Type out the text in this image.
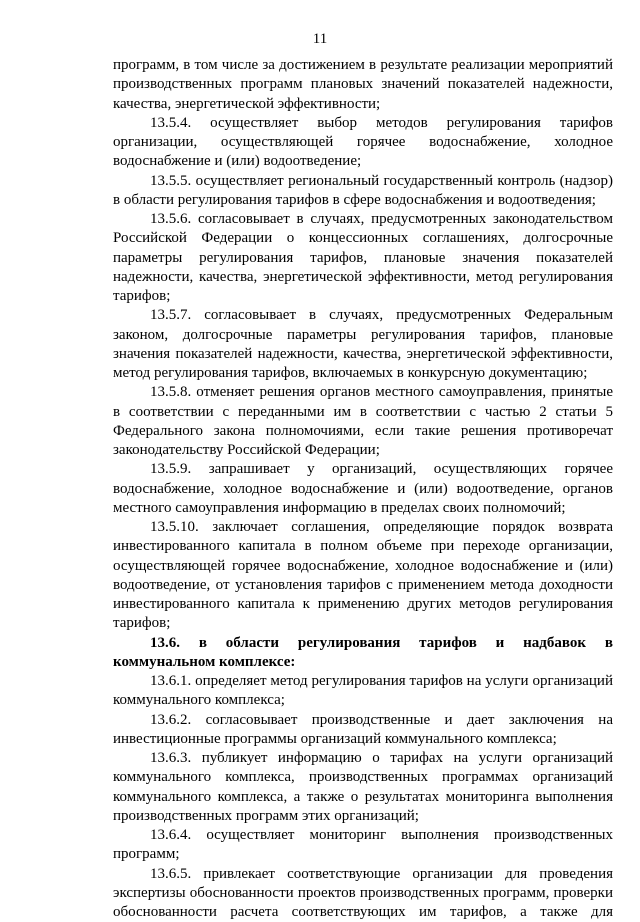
11

программ, в том числе за достижением в результате реализации мероприятий производственных программ плановых значений показателей надежности, качества, энергетической эффективности;

13.5.4. осуществляет выбор методов регулирования тарифов организации, осуществляющей горячее водоснабжение, холодное водоснабжение и (или) водоотведение;

13.5.5. осуществляет региональный государственный контроль (надзор) в области регулирования тарифов в сфере водоснабжения и водоотведения;

13.5.6. согласовывает в случаях, предусмотренных законодательством Российской Федерации о концессионных соглашениях, долгосрочные параметры регулирования тарифов, плановые значения показателей надежности, качества, энергетической эффективности, метод регулирования тарифов;

13.5.7. согласовывает в случаях, предусмотренных Федеральным законом, долгосрочные параметры регулирования тарифов, плановые значения показателей надежности, качества, энергетической эффективности, метод регулирования тарифов, включаемых в конкурсную документацию;

13.5.8. отменяет решения органов местного самоуправления, принятые в соответствии с переданными им в соответствии с частью 2 статьи 5 Федерального закона полномочиями, если такие решения противоречат законодательству Российской Федерации;

13.5.9. запрашивает у организаций, осуществляющих горячее водоснабжение, холодное водоснабжение и (или) водоотведение, органов местного самоуправления информацию в пределах своих полномочий;

13.5.10. заключает соглашения, определяющие порядок возврата инвестированного капитала в полном объеме при переходе организации, осуществляющей горячее водоснабжение, холодное водоснабжение и (или) водоотведение, от установления тарифов с применением метода доходности инвестированного капитала к применению других методов регулирования тарифов;

13.6. в области регулирования тарифов и надбавок в коммунальном комплексе:

13.6.1. определяет метод регулирования тарифов на услуги организаций коммунального комплекса;

13.6.2. согласовывает производственные и дает заключения на инвестиционные программы организаций коммунального комплекса;

13.6.3. публикует информацию о тарифах на услуги организаций коммунального комплекса, производственных программах организаций коммунального комплекса, а также о результатах мониторинга выполнения производственных программ этих организаций;

13.6.4. осуществляет мониторинг выполнения производственных программ;

13.6.5. привлекает соответствующие организации для проведения экспертизы обоснованности проектов производственных программ, проверки обоснованности расчета соответствующих им тарифов, а также для
